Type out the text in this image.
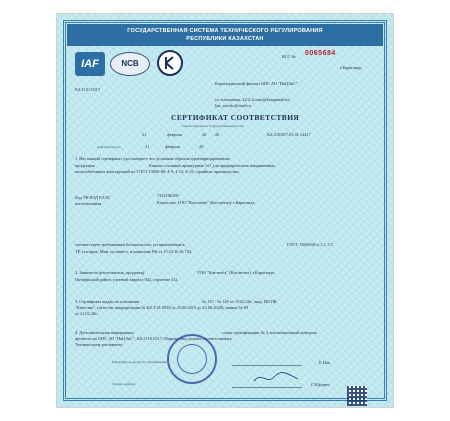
ГОСУДАРСТВЕННАЯ СИСТЕМА ТЕХНИЧЕСКОГО РЕГУЛИРОВАНИЯ
РЕСПУБЛИКИ КАЗАХСТАН
IAF	NCB
КСС № 0065684
г.Караганда,
KZ.O.01.0317
Карагандинский филиал ОПС АО "НаЦЭкС"
ул.Алиханова, 22/2, kcsms@karaganda.kz,
kar_nacekc@mail.ru
СЕРТИФИКАТ СООТВЕТСТВИЯ
зарегистрирован в Государственном реестре
21	февраля	20 20	KZ.3103I17.01.01.14417
Действителен до	21	февраля	20
1. Настоящий сертификат удостоверяет, что должным образом идентифицированная
продукция	Каналы стальные арматурные 1x7 для предварительно напряженных
железобетонных конструкций по ГОСТ 13840-68: 4-9; 4-12; 4-15; серийное производство;
Код ТН ВЭД ЕАЭС
изготовленная
7312106109
Казахстан, ТОО "Kaz-metiz" (Каз-метиз), г.Караганда
соответствует требованиям безопасности, установленным в	ГОСТ 13840-68 п.1.1, 3.7,
ТР, утв.прик. Мин. по инвест. и развитию РК от 15.10.16 № 724.
2. Заявитель (изготовитель, продавец)	ТОО "Kaz-metiz" (Каз-метиз), г.Караганда,
Октябрьский район, учетный квартал 042, строение 412.
3. Сертификат выдан на основании	№ 127 - № 129 от 19.02.20г., выд. ИЛ ПК
"Качество", (аттестат аккредитации № KZ.T.01.0830 от 23.06.2015 до 23.06.2020); заявки № 69
от 21.02.20г.;
4. Дополнительная информация	схема сертификации № 3; инспекционный контроль
провести на ОПС АО "НаЦЭкС", KZ.O.10.0317; Маркировка должна соответствовать
Техническому регламенту
Руководитель органа по сертификации	Е.Пак
Эксперт-аудитор	С.Юрдаеч
